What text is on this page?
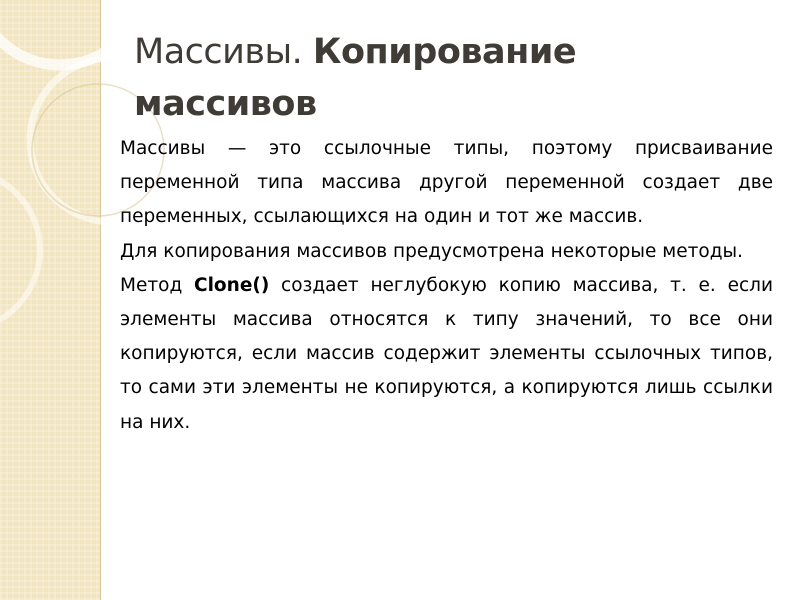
Массивы. Копирование массивов

Массивы — это ссылочные типы, поэтому присваивание переменной типа массива другой переменной создает две переменных, ссылающихся на один и тот же массив.

Для копирования массивов предусмотрена некоторые методы.

Метод Clone() создает неглубокую копию массива, т. е. если элементы массива относятся к типу значений, то все они копируются, если массив содержит элементы ссылочных типов, то сами эти элементы не копируются, а копируются лишь ссылки на них.
